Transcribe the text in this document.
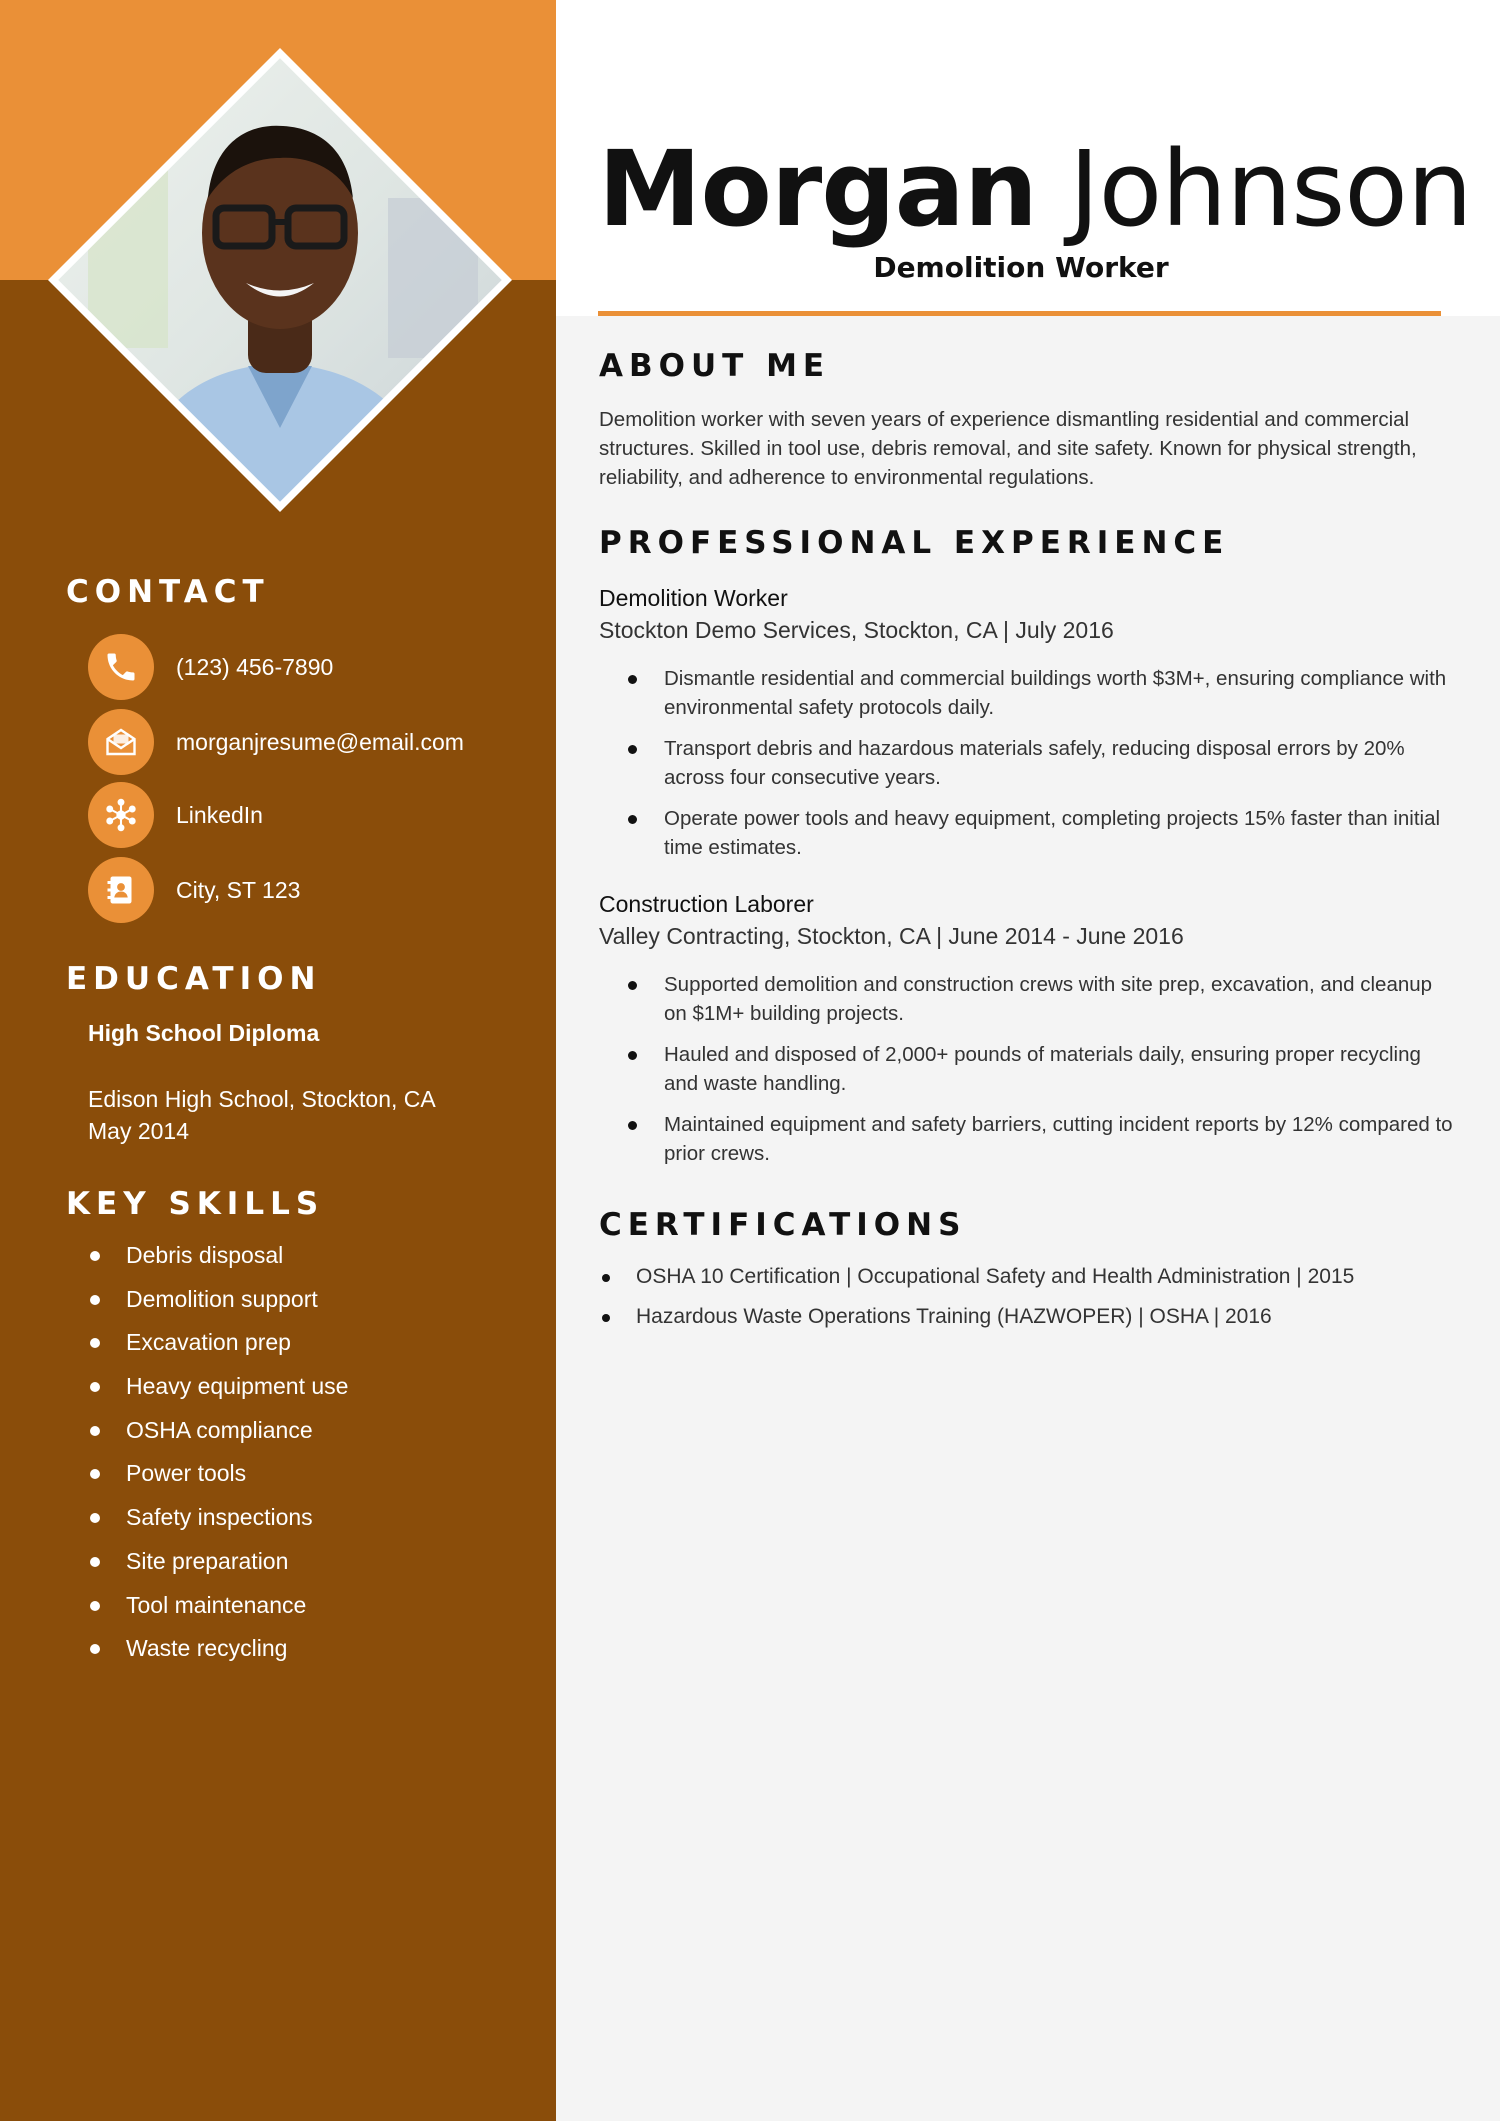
CONTACT
(123) 456-7890
morganjresume@email.com
LinkedIn
City, ST 123
EDUCATION
High School Diploma
Edison High School, Stockton, CA
May 2014
KEY SKILLS
Debris disposal
Demolition support
Excavation prep
Heavy equipment use
OSHA compliance
Power tools
Safety inspections
Site preparation
Tool maintenance
Waste recycling
Morgan Johnson
Demolition Worker
ABOUT ME
Demolition worker with seven years of experience dismantling residential and commercial structures. Skilled in tool use, debris removal, and site safety. Known for physical strength, reliability, and adherence to environmental regulations.
PROFESSIONAL EXPERIENCE
Demolition Worker
Stockton Demo Services, Stockton, CA | July 2016
Dismantle residential and commercial buildings worth $3M+, ensuring compliance with environmental safety protocols daily.
Transport debris and hazardous materials safely, reducing disposal errors by 20% across four consecutive years.
Operate power tools and heavy equipment, completing projects 15% faster than initial time estimates.
Construction Laborer
Valley Contracting, Stockton, CA | June 2014 - June 2016
Supported demolition and construction crews with site prep, excavation, and cleanup on $1M+ building projects.
Hauled and disposed of 2,000+ pounds of materials daily, ensuring proper recycling and waste handling.
Maintained equipment and safety barriers, cutting incident reports by 12% compared to prior crews.
CERTIFICATIONS
OSHA 10 Certification | Occupational Safety and Health Administration | 2015
Hazardous Waste Operations Training (HAZWOPER) | OSHA | 2016
